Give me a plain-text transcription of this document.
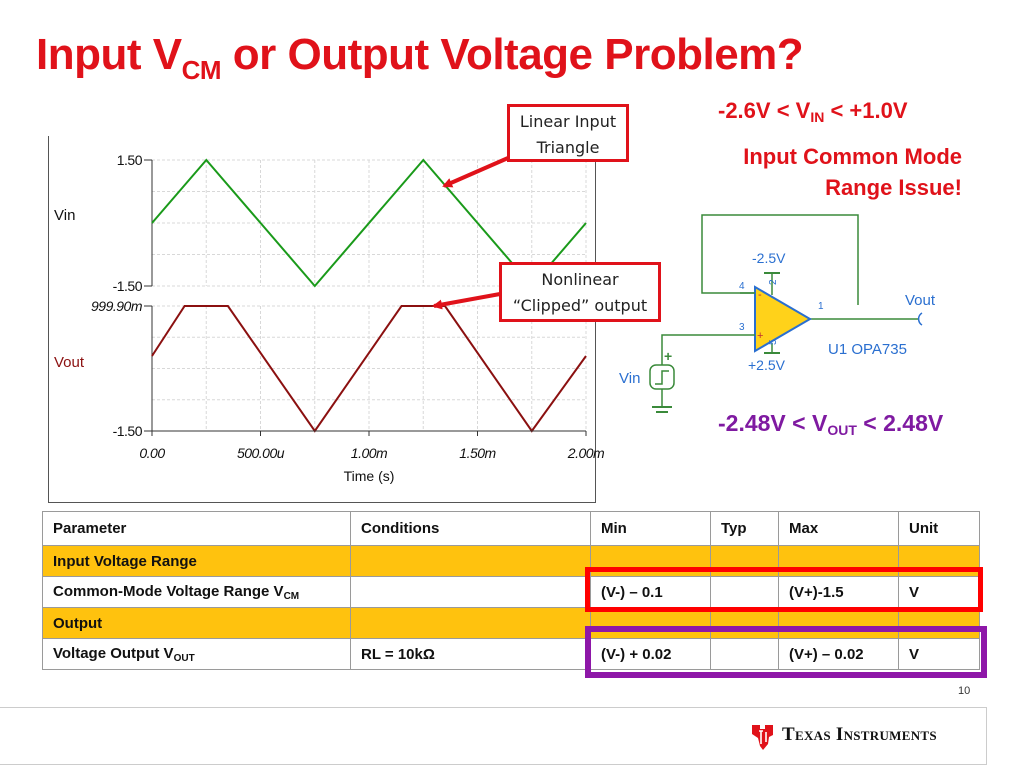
Input $V_{CM}$ or Output Voltage Problem?
$-2.6V < V_{IN} < +1.0V$
Input Common Mode
Range Issue!
$-2.48V < V_{OUT} < 2.48V$
1.50
-1.50
Vin
999.90m
-1.50
Vout
0.00	500.00u	1.00m	1.50m	2.00m
Time (s)
Linear Input
Triangle
Nonlinear
“Clipped” output
-2.5V
+2.5V
Vout
Vin
U1 OPA735
4 2
3
5
1
-
+
+
Parameter	Conditions	Min	Typ	Max	Unit
Input Voltage Range					
Common-Mode Voltage Range $V_{CM}$		(V-) – 0.1		(V+)-1.5	V
Output					
Voltage Output $V_{OUT}$	RL = 10kΩ	(V-) + 0.02		(V+) – 0.02	V
10
Texas Instruments
